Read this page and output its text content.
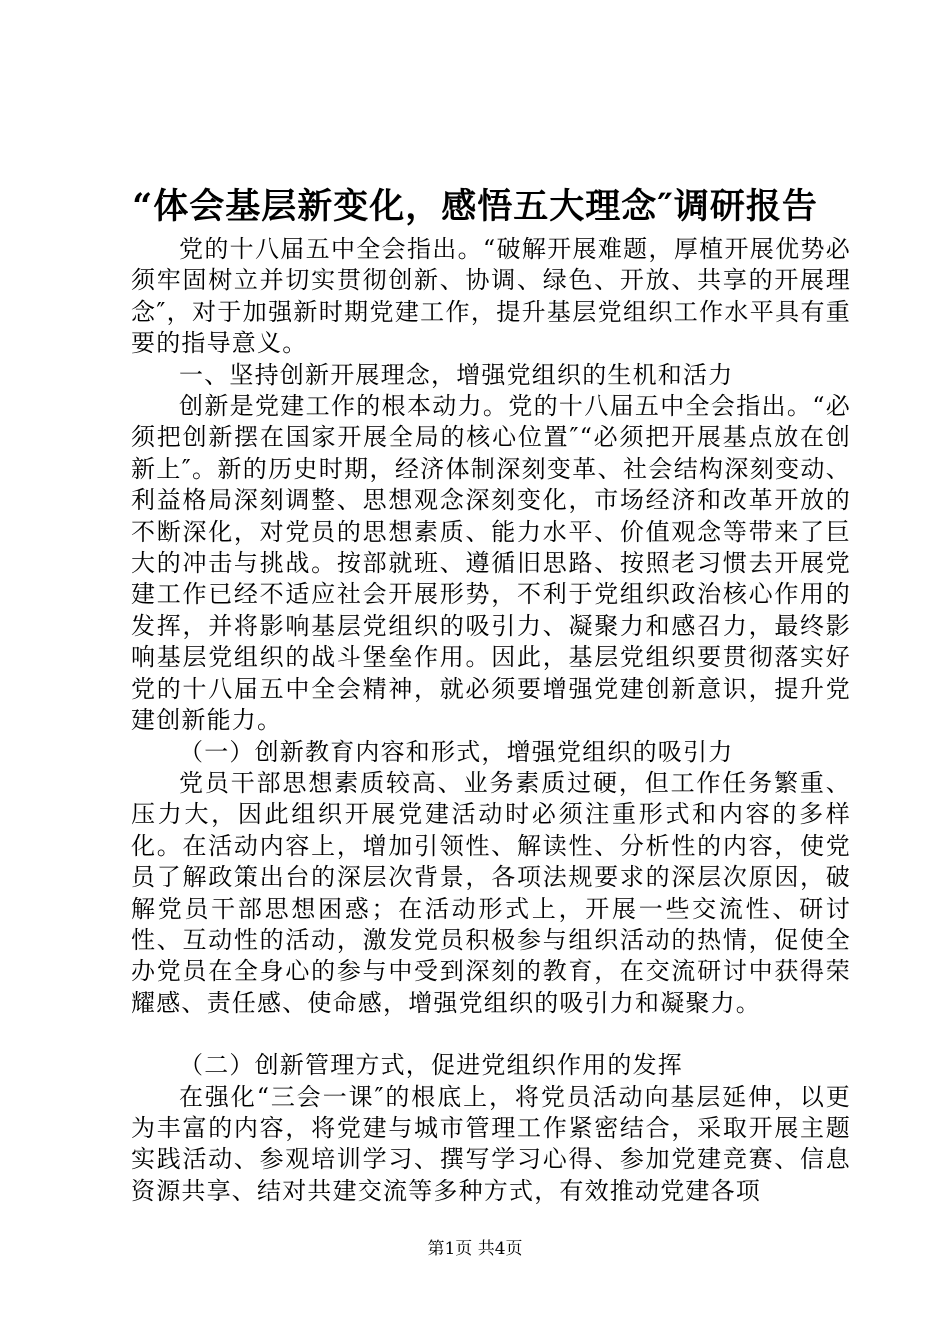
“体会基层新变化，感悟五大理念″调研报告

党的十八届五中全会指出。“破解开展难题，厚植开展优势必须牢固树立并切实贯彻创新、协调、绿色、开放、共享的开展理念″，对于加强新时期党建工作，提升基层党组织工作水平具有重要的指导意义。

一、坚持创新开展理念，增强党组织的生机和活力

创新是党建工作的根本动力。党的十八届五中全会指出。“必须把创新摆在国家开展全局的核心位置″“必须把开展基点放在创新上″。新的历史时期，经济体制深刻变革、社会结构深刻变动、利益格局深刻调整、思想观念深刻变化，市场经济和改革开放的不断深化，对党员的思想素质、能力水平、价值观念等带来了巨大的冲击与挑战。按部就班、遵循旧思路、按照老习惯去开展党建工作已经不适应社会开展形势，不利于党组织政治核心作用的发挥，并将影响基层党组织的吸引力、凝聚力和感召力，最终影响基层党组织的战斗堡垒作用。因此，基层党组织要贯彻落实好党的十八届五中全会精神，就必须要增强党建创新意识，提升党建创新能力。

（一）创新教育内容和形式，增强党组织的吸引力

党员干部思想素质较高、业务素质过硬，但工作任务繁重、压力大，因此组织开展党建活动时必须注重形式和内容的多样化。在活动内容上，增加引领性、解读性、分析性的内容，使党员了解政策出台的深层次背景，各项法规要求的深层次原因，破解党员干部思想困惑；在活动形式上，开展一些交流性、研讨性、互动性的活动，激发党员积极参与组织活动的热情，促使全办党员在全身心的参与中受到深刻的教育，在交流研讨中获得荣耀感、责任感、使命感，增强党组织的吸引力和凝聚力。

（二）创新管理方式，促进党组织作用的发挥

在强化“三会一课″的根底上，将党员活动向基层延伸，以更为丰富的内容，将党建与城市管理工作紧密结合，采取开展主题实践活动、参观培训学习、撰写学习心得、参加党建竞赛、信息资源共享、结对共建交流等多种方式，有效推动党建各项

第1页 共4页
